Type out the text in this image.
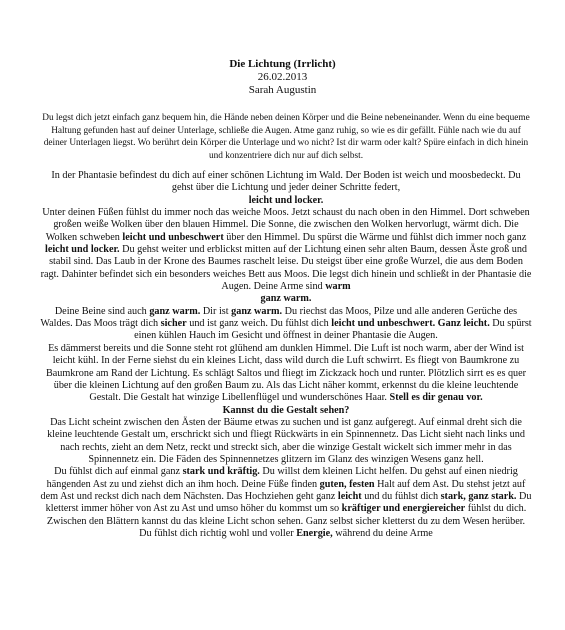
Die Lichtung (Irrlicht)
26.02.2013
Sarah Augustin
Du legst dich jetzt einfach ganz bequem hin, die Hände neben deinen Körper und die Beine nebeneinander. Wenn du eine bequeme Haltung gefunden hast auf deiner Unterlage, schließe die Augen. Atme ganz ruhig, so wie es dir gefällt. Fühle nach wie du auf deiner Unterlagen liegst. Wo berührt dein Körper die Unterlage und wo nicht? Ist dir warm oder kalt? Spüre einfach in dich hinein und konzentriere dich nur auf dich selbst.

In der Phantasie befindest du dich auf einer schönen Lichtung im Wald. Der Boden ist weich und moosbedeckt. Du gehst über die Lichtung und jeder deiner Schritte federt,
leicht und locker.

Unter deinen Füßen fühlst du immer noch das weiche Moos. Jetzt schaust du nach oben in den Himmel. Dort schweben großen weiße Wolken über den blauen Himmel. Die Sonne, die zwischen den Wolken hervorlugt, wärmt dich. Die Wolken schweben leicht und unbeschwert über den Himmel. Du spürst die Wärme und fühlst dich immer noch ganz leicht und locker. Du gehst weiter und erblickst mitten auf der Lichtung einen sehr alten Baum, dessen Äste groß und stabil sind. Das Laub in der Krone des Baumes raschelt leise. Du steigst über eine große Wurzel, die aus dem Boden ragt. Dahinter befindet sich ein besonders weiches Bett aus Moos. Die legst dich hinein und schließt in der Phantasie die Augen. Deine Arme sind warm
ganz warm.

Deine Beine sind auch ganz warm. Dir ist ganz warm. Du riechst das Moos, Pilze und alle anderen Gerüche des Waldes. Das Moos trägt dich sicher und ist ganz weich. Du fühlst dich leicht und unbeschwert. Ganz leicht. Du spürst einen kühlen Hauch im Gesicht und öffnest in deiner Phantasie die Augen.

Es dämmerst bereits und die Sonne steht rot glühend am dunklen Himmel. Die Luft ist noch warm, aber der Wind ist leicht kühl. In der Ferne siehst du ein kleines Licht, dass wild durch die Luft schwirrt. Es fliegt von Baumkrone zu Baumkrone am Rand der Lichtung. Es schlägt Saltos und fliegt im Zickzack hoch und runter. Plötzlich sirrt es es quer über die kleinen Lichtung auf den großen Baum zu. Als das Licht näher kommt, erkennst du die kleine leuchtende Gestalt. Die Gestalt hat winzige Libellenflügel und wunderschönes Haar. Stell es dir genau vor.
Kannst du die Gestalt sehen?

Das Licht scheint zwischen den Ästen der Bäume etwas zu suchen und ist ganz aufgeregt. Auf einmal dreht sich die kleine leuchtende Gestalt um, erschrickt sich und fliegt Rückwärts in ein Spinnennetz. Das Licht sieht nach links und nach rechts, zieht an dem Netz, reckt und streckt sich, aber die winzige Gestalt wickelt sich immer mehr in das Spinnennetz ein. Die Fäden des Spinnennetzes glitzern im Glanz des winzigen Wesens ganz hell.

Du fühlst dich auf einmal ganz stark und kräftig. Du willst dem kleinen Licht helfen. Du gehst auf einen niedrig hängenden Ast zu und ziehst dich an ihm hoch. Deine Füße finden guten, festen Halt auf dem Ast. Du stehst jetzt auf dem Ast und reckst dich nach dem Nächsten. Das Hochziehen geht ganz leicht und du fühlst dich stark, ganz stark. Du kletterst immer höher von Ast zu Ast und umso höher du kommst um so kräftiger und energiereicher fühlst du dich.

Zwischen den Blättern kannst du das kleine Licht schon sehen. Ganz selbst sicher kletterst du zu dem Wesen herüber. Du fühlst dich richtig wohl und voller Energie, während du deine Arme
